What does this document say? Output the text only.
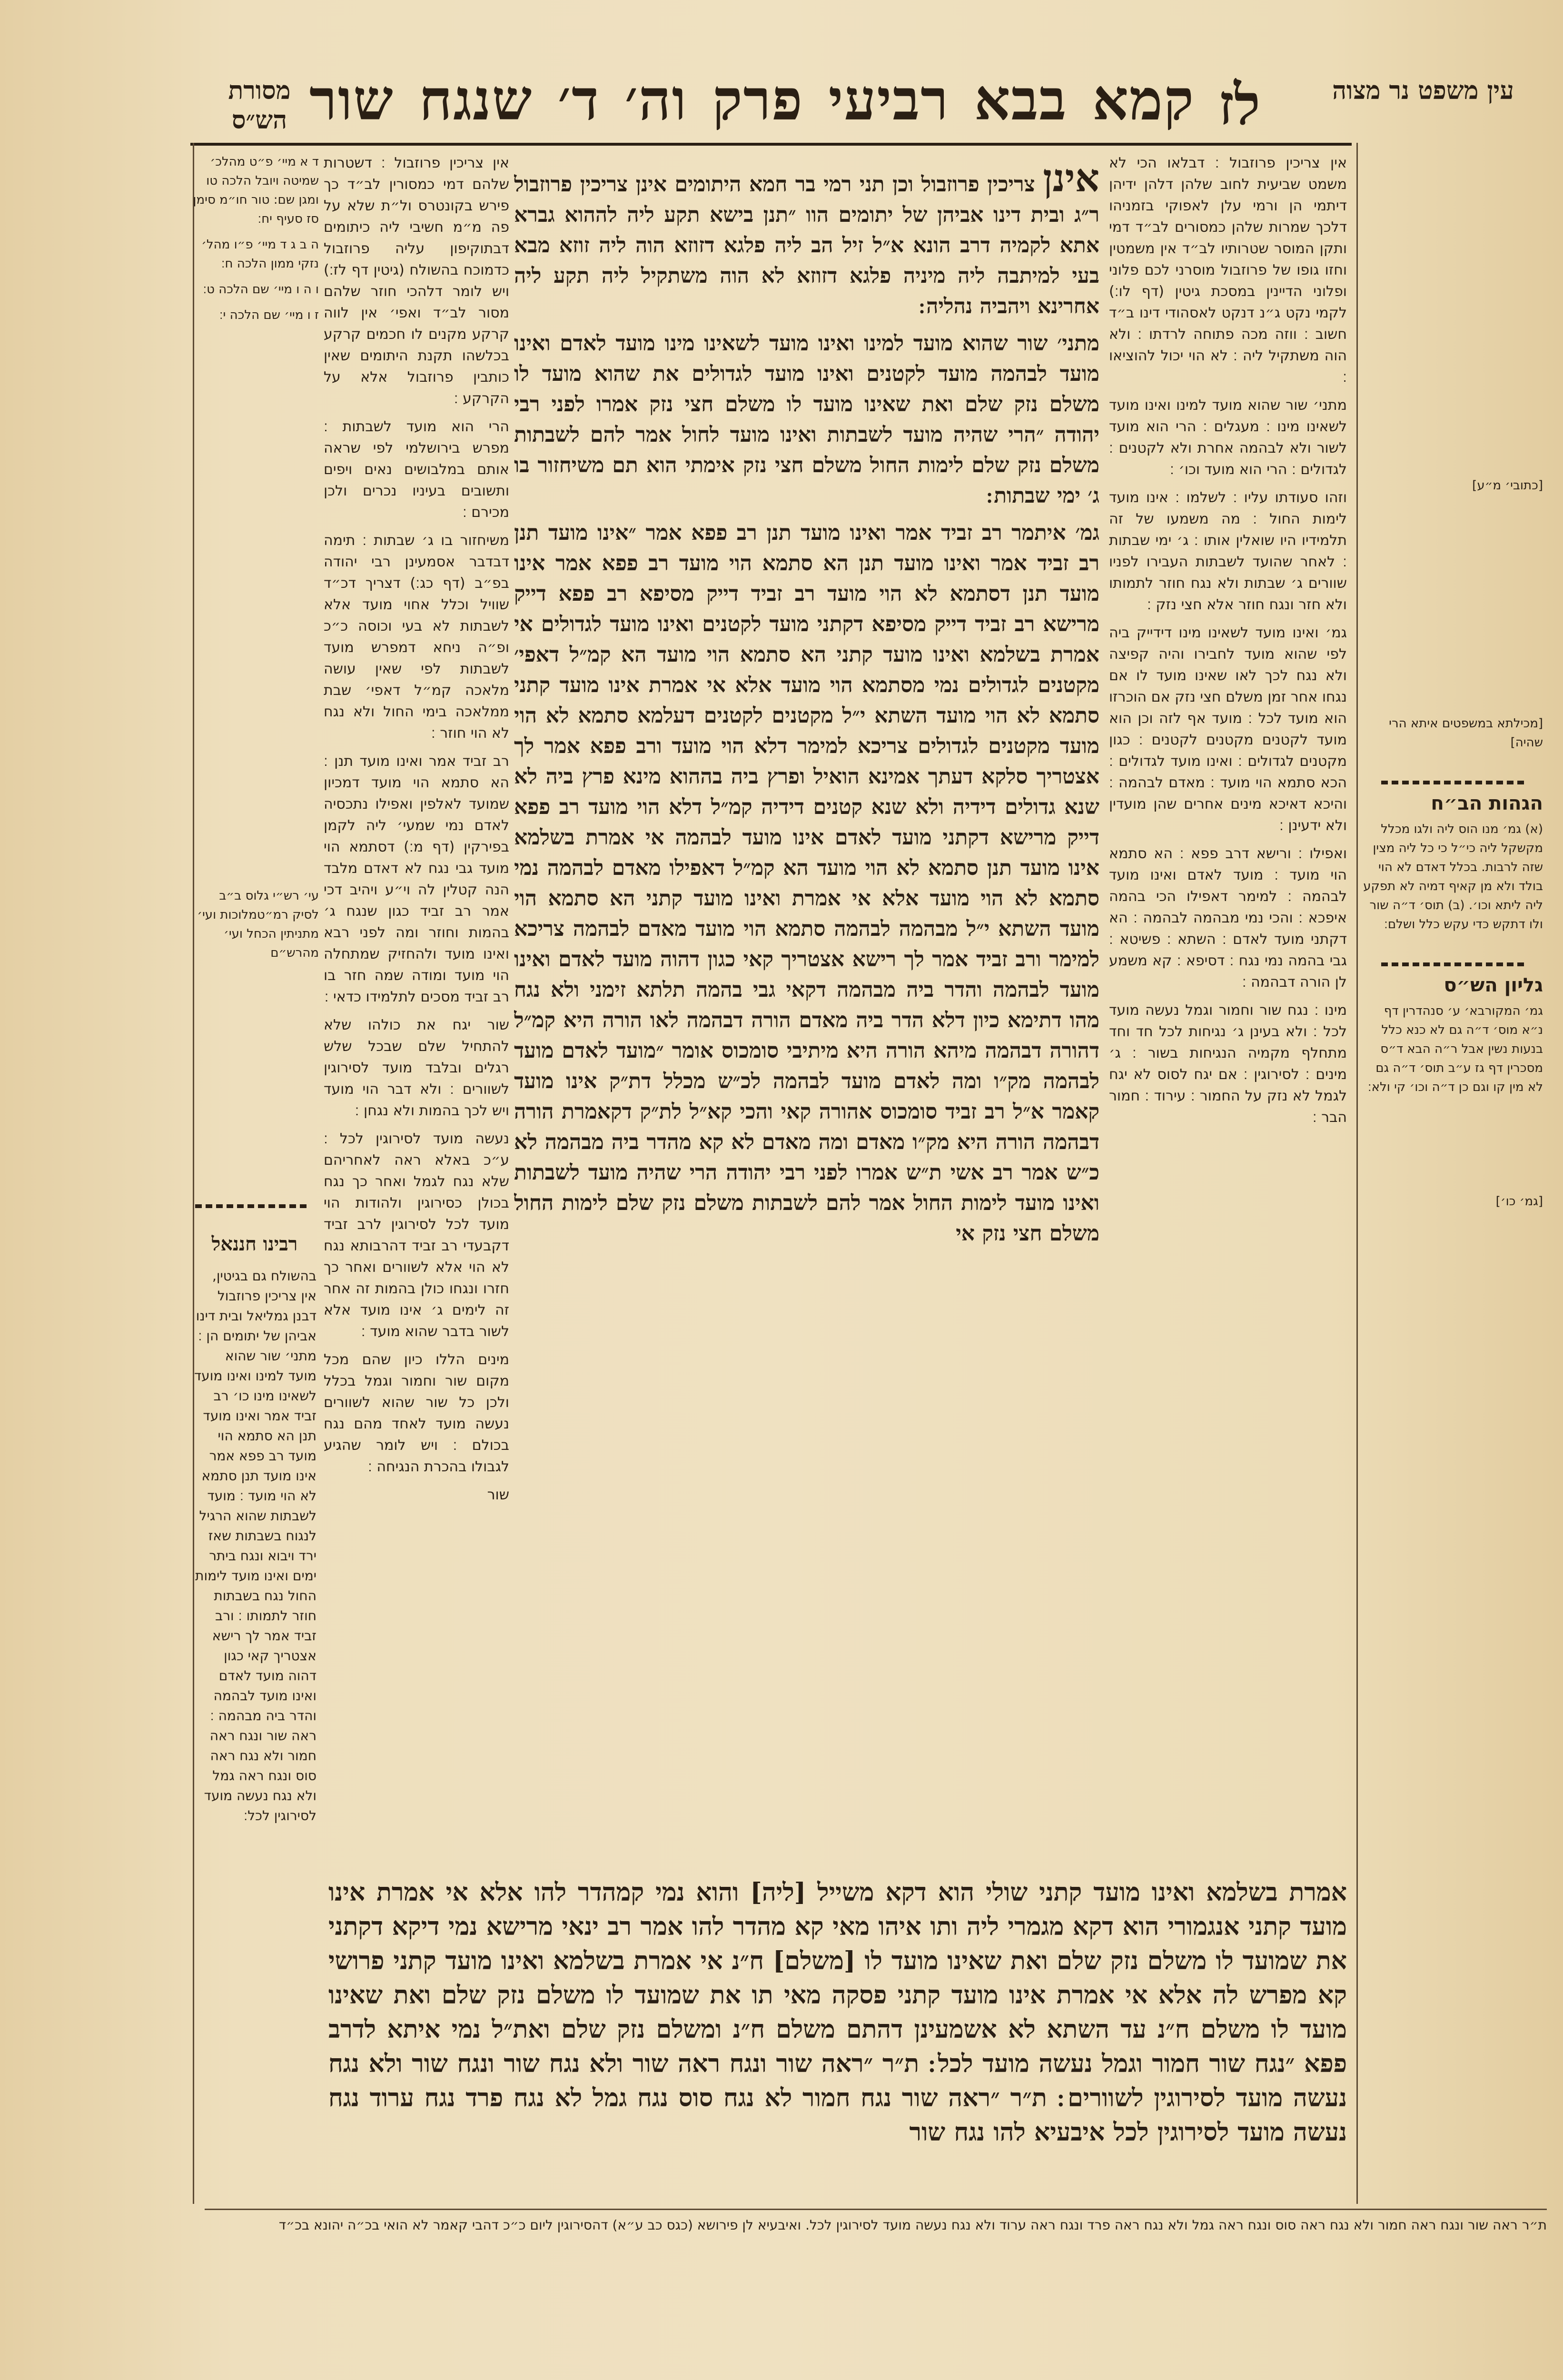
עין משפט נר מצוה
מסורת הש״ס	לז
שור שנגח ד׳ וה׳ פרק רביעי בבא קמא

[כתובי׳ מ״ע]

[מכילתא במשפטים איתא הרי שהיה]

הגהות הב״ח

(א) גמ׳ מנו הוס ליה ולגו מכלל מקשקל ליה כי״ל כי כל ליה מצין שזה לרבות. בכלל דאדם לא הוי בולד ולא מן קאיף דמיה לא תפקע ליה ליתא וכו׳. (ב) תוס׳ ד״ה שור ולו דתקש כדי עקש כלל ושלם׃

גליון הש״ס

גמ׳ המקורבא׳ ע׳ סנהדרין דף נ״א מוס׳ ד״ה גם לא כנא כלל בנעות נשין אבל ר״ה הבא ד״ס מסכרין דף גז ע״ב תוס׳ ד״ה גם לא מין קו וגם כן ד״ה וכו׳ קי ולא׃

[גמ׳ כו׳]

אין צריכין פרוזבול ׃ דבלאו הכי לא משמט שביעית לחוב שלהן דלהן ידיהן דיתמי הן ורמי עלן לאפוקי בזמניהו דלכך שמרות שלהן כמסורים לב״ד דמי ותקן המוסר שטרותיו לב״ד אין משמטין וחזו גופו של פרוזבול מוסרני לכם פלוני ופלוני הדיינין במסכת גיטין (דף לו׃) לקמי נקט ג״נ דנקט לאסהודי דינו ב״ד חשוב ׃ ווזה מכה פתוחה לרדתו ׃ ולא הוה משתקיל ליה ׃ לא הוי יכול להוציאו ׃

מתני׳ שור שהוא מועד למינו ואינו מועד לשאינו מינו ׃ מעגלים ׃ הרי הוא מועד לשור ולא לבהמה אחרת ולא לקטנים ׃ לגדולים ׃ הרי הוא מועד וכו׳ ׃

וזהו סעודתו עליו ׃ לשלמו ׃ אינו מועד לימות החול ׃ מה משמעו של זה תלמידיו היו שואלין אותו ׃ ג׳ ימי שבתות ׃ לאחר שהועד לשבתות העבירו לפניו שוורים ג׳ שבתות ולא נגח חוזר לתמותו ולא חזר ונגח חוזר אלא חצי נזק ׃

גמ׳ ואינו מועד לשאינו מינו דידייק ביה לפי שהוא מועד לחבירו והיה קפיצה ולא נגח לכך לאו שאינו מועד לו אם נגחו אחר זמן משלם חצי נזק אם הוכרזו הוא מועד לכל ׃ מועד אף לזה וכן הוא מועד לקטנים מקטנים לקטנים ׃ כגון מקטנים לגדולים ׃ ואינו מועד לגדולים ׃ הכא סתמא הוי מועד ׃ מאדם לבהמה ׃ והיכא דאיכא מינים אחרים שהן מועדין ולא ידעינן ׃

ואפילו ׃ ורישא דרב פפא ׃ הא סתמא הוי מועד ׃ מועד לאדם ואינו מועד לבהמה ׃ למימר דאפילו הכי בהמה איפכא ׃ והכי נמי מבהמה לבהמה ׃ הא דקתני מועד לאדם ׃ השתא ׃ פשיטא ׃ גבי בהמה נמי נגח ׃ דסיפא ׃ קא משמע לן הורה דבהמה ׃

מינו ׃ נגח שור וחמור וגמל נעשה מועד לכל ׃ ולא בעינן ג׳ נגיחות לכל חד וחד מתחלף מקמיה הנגיחות בשור ׃ ג׳ מינים ׃ לסירוגין ׃ אם יגח לסוס לא יגח לגמל לא נזק על החמור ׃ עירוד ׃ חמור הבר ׃

אינן צריכין פרוזבול וכן תני רמי בר חמא היתומים אינן צריכין פרוזבול ר״ג ובית דינו אביהן של יתומים הוו ״תנן בישא תקע ליה לההוא גברא אתא לקמיה דרב הונא א״ל זיל הב ליה פלגא דזוזא הוה ליה זוזא מבא בעי למיתבה ליה מיניה פלגא דזוזא לא הוה משתקיל ליה תקע ליה אחרינא ויהביה נהליה ׃

מתני׳ שור שהוא מועד למינו ואינו מועד לשאינו מינו מועד לאדם ואינו מועד לבהמה מועד לקטנים ואינו מועד לגדולים את שהוא מועד לו משלם נזק שלם ואת שאינו מועד לו משלם חצי נזק אמרו לפני רבי יהודה ״הרי שהיה מועד לשבתות ואינו מועד לחול אמר להם לשבתות משלם נזק שלם לימות החול משלם חצי נזק אימתי הוא תם משיחזור בו ג׳ ימי שבתות ׃

גמ׳ איתמר רב זביד אמר ואינו מועד תנן רב פפא אמר ״אינו מועד תנן רב זביד אמר ואינו מועד תנן הא סתמא הוי מועד רב פפא אמר אינו מועד תנן דסתמא לא הוי מועד רב זביד דייק מסיפא רב פפא דייק מרישא רב זביד דייק מסיפא דקתני מועד לקטנים ואינו מועד לגדולים אי אמרת בשלמא ואינו מועד קתני הא סתמא הוי מועד הא קמ״ל דאפי׳ מקטנים לגדולים נמי מסתמא הוי מועד אלא אי אמרת אינו מועד קתני סתמא לא הוי מועד השתא י״ל מקטנים לקטנים דעלמא סתמא לא הוי מועד מקטנים לגדולים צריכא למימר דלא הוי מועד ורב פפא אמר לך אצטריך סלקא דעתך אמינא הואיל ופרץ ביה בההוא מינא פרץ ביה לא שנא גדולים דידיה ולא שנא קטנים דידיה קמ״ל דלא הוי מועד רב פפא דייק מרישא דקתני מועד לאדם אינו מועד לבהמה אי אמרת בשלמא אינו מועד תנן סתמא לא הוי מועד הא קמ״ל דאפילו מאדם לבהמה נמי סתמא לא הוי מועד אלא אי אמרת ואינו מועד קתני הא סתמא הוי מועד השתא י״ל מבהמה לבהמה סתמא הוי מועד מאדם לבהמה צריכא למימר ורב זביד אמר לך רישא אצטריך קאי כגון דהוה מועד לאדם ואינו מועד לבהמה והדר ביה מבהמה דקאי גבי בהמה תלתא זימני ולא נגח מהו דתימא כיון דלא הדר ביה מאדם הורה דבהמה לאו הורה היא קמ״ל דהורה דבהמה מיהא הורה היא מיתיבי סומכוס אומר ״מועד לאדם מועד לבהמה מק״ו ומה לאדם מועד לבהמה לכ״ש מכלל דת״ק אינו מועד קאמר א״ל רב זביד סומכוס אהורה קאי והכי קא״ל לת״ק דקאמרת הורה דבהמה הורה היא מק״ו מאדם ומה מאדם לא קא מהדר ביה מבהמה לא כ״ש אמר רב אשי ת״ש אמרו לפני רבי יהודה הרי שהיה מועד לשבתות ואינו מועד לימות החול אמר להם לשבתות משלם נזק שלם לימות החול משלם חצי נזק אי

אין צריכין פרוזבול ׃ דשטרות שלהם דמי כמסורין לב״ד כך פירש בקונטרס ול״ת שלא על פה מ״מ חשיבי ליה כיתומים דבתוקיפון עליה פרוזבול כדמוכח בהשולח (גיטין דף לז׃) ויש לומר דלהכי חוזר שלהם מסור לב״ד ואפי׳ אין לווה קרקע מקנים לו חכמים קרקע בכלשהו תקנת היתומים שאין כותבין פרוזבול אלא על הקרקע ׃

הרי הוא מועד לשבתות ׃ מפרש בירושלמי לפי שראה אותם במלבושים נאים ויפים ותשובים בעיניו נכרים ולכן מכירם ׃

משיחזור בו ג׳ שבתות ׃ תימה דבדבר אסמעינן רבי יהודה בפ״ב (דף כג׃) דצריך דכ״ד שוויל וכלל אחוי מועד אלא לשבתות לא בעי וכוסה כ״כ ופ״ה ניחא דמפרש מועד לשבתות לפי שאין עושה מלאכה קמ״ל דאפי׳ שבת ממלאכה בימי החול ולא נגח לא הוי חוזר ׃

רב זביד אמר ואינו מועד תנן ׃ הא סתמא הוי מועד דמכיון שמועד לאלפין ואפילו נתכסיה לאדם נמי שמעי׳ ליה לקמן בפירקין (דף מ׃) דסתמא הוי מועד גבי נגח לא דאדם מלבד הנה קטלין לה וי״ע ויהיב דכי אמר רב זביד כגון שנגח ג׳ בהמות וחוזר ומה לפני רבא ואינו מועד ולהחזיק שמתחלה הוי מועד ומודה שמה חזר בו רב זביד מסכים לתלמידו כדאי ׃

שור יגח את כולהו שלא להתחיל שלם שבכל שלש רגלים ובלבד מועד לסירוגין לשוורים ׃ ולא דבר הוי מועד ויש לכך בהמות ולא נגחן ׃

נעשה מועד לסירוגין לכל ׃ ע״כ באלא ראה לאחריהם שלא נגח לגמל ואחר כך נגח בכולן כסירוגין ולהודות הוי מועד לכל לסירוגין לרב זביד דקבעדי רב זביד דהרבותא נגח לא הוי אלא לשוורים ואחר כך חזרו ונגחו כולן בהמות זה אחר זה לימים ג׳ אינו מועד אלא לשור בדבר שהוא מועד ׃

מינים הללו כיון שהם מכל מקום שור וחמור וגמל בכלל ולכן כל שור שהוא לשוורים נעשה מועד לאחד מהם נגח בכולם ׃ ויש לומר שהגיע לגבולו בהכרת הנגיחה ׃

שור

ד א מיי׳ פ״ט מהלכ׳ שמיטה ויובל הלכה טו ומגן שם: טור חו״מ סימן סז סעיף יח׃

ה ב ג ד מיי׳ פ״ו מהל׳ נזקי ממון הלכה ח׃

ו ה ו מיי׳ שם הלכה ט׃

ז ו מיי׳ שם הלכה י׃

עי׳ רש״י גלוס ב״ב לסיק רמ״טמלוכות ועי׳ מתניתין הכחל ועי׳ מהרש״ם

רבינו חננאל

בהשולח גם בגיטין, אין צריכין פרוזבול דבנן גמליאל ובית דינו אביהן של יתומים הן ׃ מתני׳ שור שהוא מועד למינו ואינו מועד לשאינו מינו כו׳ רב זביד אמר ואינו מועד תנן הא סתמא הוי מועד רב פפא אמר אינו מועד תנן סתמא לא הוי מועד ׃ מועד לשבתות שהוא הרגיל לנגוח בשבתות שאז ירד ויבוא ונגח ביתר ימים ואינו מועד לימות החול נגח בשבתות חוזר לתמותו ׃ ורב זביד אמר לך רישא אצטריך קאי כגון דהוה מועד לאדם ואינו מועד לבהמה והדר ביה מבהמה ׃ ראה שור ונגח ראה חמור ולא נגח ראה סוס ונגח ראה גמל ולא נגח נעשה מועד לסירוגין לכל׃

אמרת בשלמא ואינו מועד קתני שולי הוא דקא משייל [ליה] והוא נמי קמהדר להו אלא אי אמרת אינו מועד קתני אנגמורי הוא דקא מגמרי ליה ותו איהו מאי קא מהדר להו אמר רב ינאי מרישא נמי דיקא דקתני את שמועד לו משלם נזק שלם ואת שאינו מועד לו [משלם] ח״נ אי אמרת בשלמא ואינו מועד קתני פרושי קא מפרש לה אלא אי אמרת אינו מועד קתני פסקה מאי תו את שמועד לו משלם נזק שלם ואת שאינו מועד לו משלם ח״נ עד השתא לא אשמעינן דהתם משלם ח״נ ומשלם נזק שלם ואת״ל נמי איתא לדרב פפא ״נגח שור חמור וגמל נעשה מועד לכל ׃ ת״ר ״ראה שור ונגח ראה שור ולא נגח שור ונגח שור ולא נגח נעשה מועד לסירוגין לשוורים ׃ ת״ר ״ראה שור נגח חמור לא נגח סוס נגח גמל לא נגח פרד נגח ערוד נגח נעשה מועד לסירוגין לכל איבעיא להו נגח שור

ת״ר ראה שור ונגח ראה חמור ולא נגח ראה סוס ונגח ראה גמל ולא נגח ראה פרד ונגח ראה ערוד ולא נגח נעשה מועד לסירוגין לכל. ואיבעיא לן פירושא (כגס כב ע״א) דהסירוגין ליום כ״כ דהבי קאמר לא הואי בכ״ה יהונא בכ״ד
